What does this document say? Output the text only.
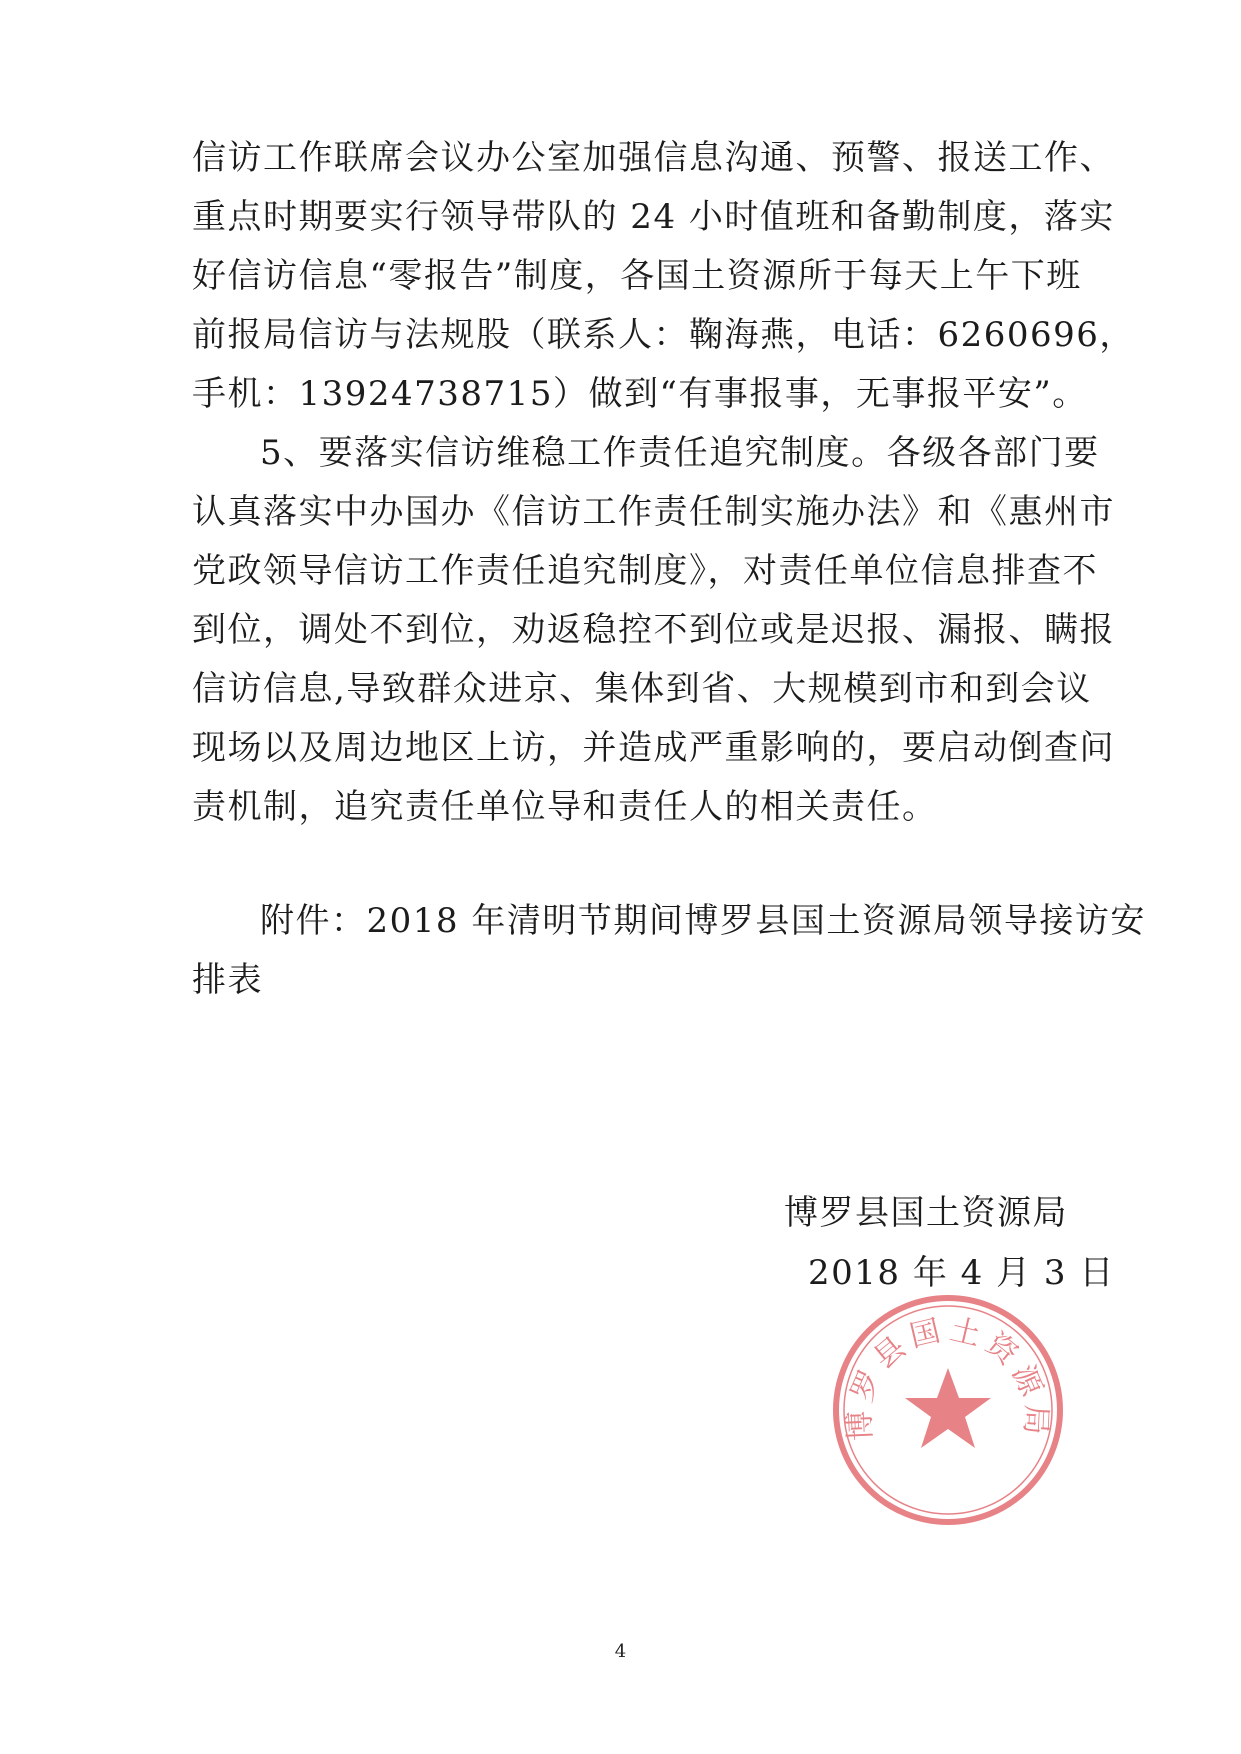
信访工作联席会议办公室加强信息沟通、预警、报送工作、
重点时期要实行领导带队的 24 小时值班和备勤制度，落实
好信访信息“零报告”制度，各国土资源所于每天上午下班
前报局信访与法规股（联系人：鞠海燕，电话：6260696，
手机：13924738715）做到“有事报事，无事报平安”。
5、要落实信访维稳工作责任追究制度。各级各部门要
认真落实中办国办《信访工作责任制实施办法》和《惠州市
党政领导信访工作责任追究制度》，对责任单位信息排查不
到位，调处不到位，劝返稳控不到位或是迟报、漏报、瞒报
信访信息,导致群众进京、集体到省、大规模到市和到会议
现场以及周边地区上访，并造成严重影响的，要启动倒查问
责机制，追究责任单位导和责任人的相关责任。
附件：2018 年清明节期间博罗县国土资源局领导接访安
排表
博罗县国土资源局
博罗县国土资源局
2018 年 4 月 3 日
4
